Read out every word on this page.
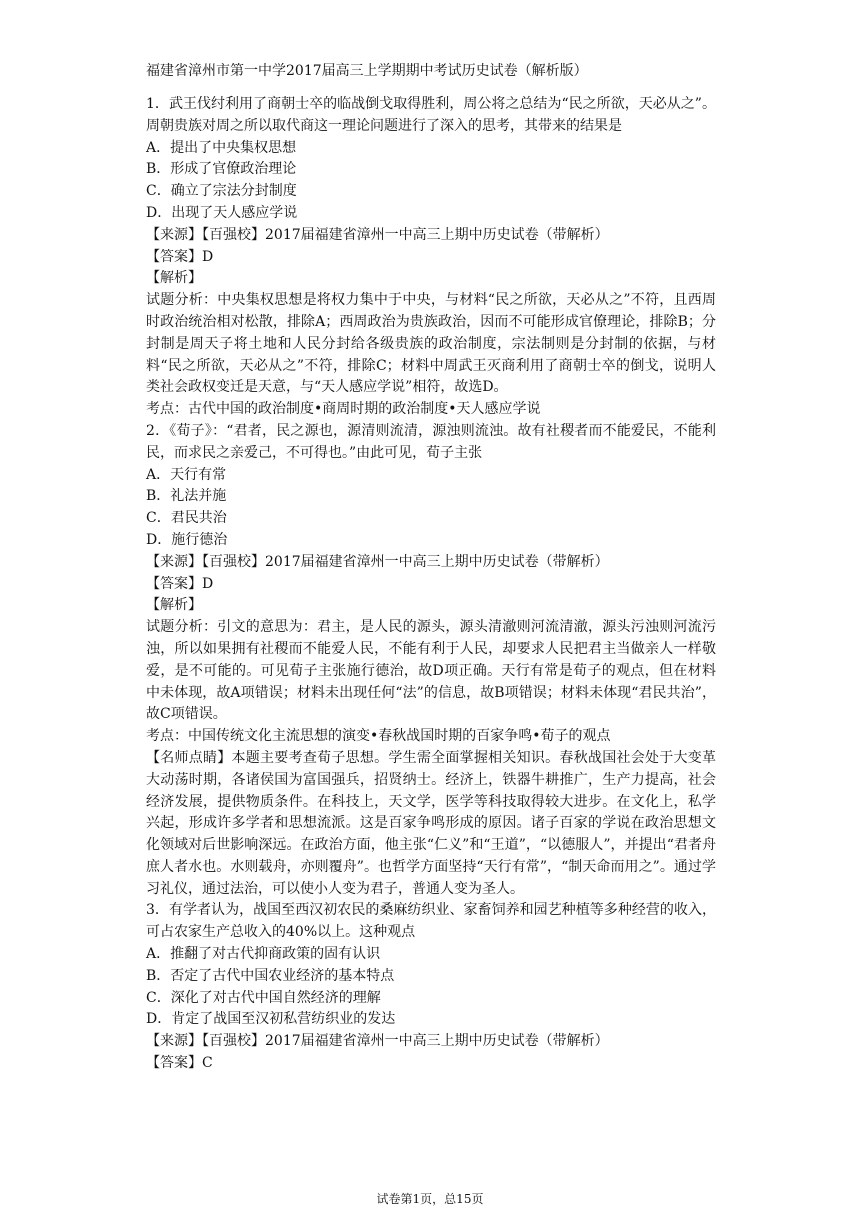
福建省漳州市第一中学2017届高三上学期期中考试历史试卷（解析版）
1．武王伐纣利用了商朝士卒的临战倒戈取得胜利，周公将之总结为“民之所欲，天必从之”。周朝贵族对周之所以取代商这一理论问题进行了深入的思考，其带来的结果是
A．提出了中央集权思想
B．形成了官僚政治理论
C．确立了宗法分封制度
D．出现了天人感应学说
【来源】【百强校】2017届福建省漳州一中高三上期中历史试卷（带解析）
【答案】D
【解析】
试题分析：中央集权思想是将权力集中于中央，与材料“民之所欲，天必从之”不符，且西周时政治统治相对松散，排除A；西周政治为贵族政治，因而不可能形成官僚理论，排除B；分封制是周天子将土地和人民分封给各级贵族的政治制度，宗法制则是分封制的依据，与材料“民之所欲，天必从之”不符，排除C；材料中周武王灭商利用了商朝士卒的倒戈，说明人类社会政权变迁是天意，与“天人感应学说”相符，故选D。
考点：古代中国的政治制度•商周时期的政治制度•天人感应学说
2．《荀子》：“君者，民之源也，源清则流清，源浊则流浊。故有社稷者而不能爱民，不能利民，而求民之亲爱己，不可得也。”由此可见，荀子主张
A．天行有常
B．礼法并施
C．君民共治
D．施行德治
【来源】【百强校】2017届福建省漳州一中高三上期中历史试卷（带解析）
【答案】D
【解析】
试题分析：引文的意思为：君主，是人民的源头，源头清澈则河流清澈，源头污浊则河流污浊，所以如果拥有社稷而不能爱人民，不能有利于人民，却要求人民把君主当做亲人一样敬爱，是不可能的。可见荀子主张施行德治，故D项正确。天行有常是荀子的观点，但在材料中未体现，故A项错误；材料未出现任何“法”的信息，故B项错误；材料未体现“君民共治”，故C项错误。
考点：中国传统文化主流思想的演变•春秋战国时期的百家争鸣•荀子的观点
【名师点睛】本题主要考查荀子思想。学生需全面掌握相关知识。春秋战国社会处于大变革大动荡时期，各诸侯国为富国强兵，招贤纳士。经济上，铁器牛耕推广，生产力提高，社会经济发展，提供物质条件。在科技上，天文学，医学等科技取得较大进步。在文化上，私学兴起，形成许多学者和思想流派。这是百家争鸣形成的原因。诸子百家的学说在政治思想文化领域对后世影响深远。在政治方面，他主张“仁义”和“王道”，“以德服人”，并提出“君者舟庶人者水也。水则载舟，亦则覆舟”。也哲学方面坚持“天行有常”，“制天命而用之”。通过学习礼仪，通过法治，可以使小人变为君子，普通人变为圣人。
3．有学者认为，战国至西汉初农民的桑麻纺织业、家畜饲养和园艺种植等多种经营的收入，可占农家生产总收入的40%以上。这种观点
A．推翻了对古代抑商政策的固有认识
B．否定了古代中国农业经济的基本特点
C．深化了对古代中国自然经济的理解
D．肯定了战国至汉初私营纺织业的发达
【来源】【百强校】2017届福建省漳州一中高三上期中历史试卷（带解析）
【答案】C
试卷第1页，总15页
